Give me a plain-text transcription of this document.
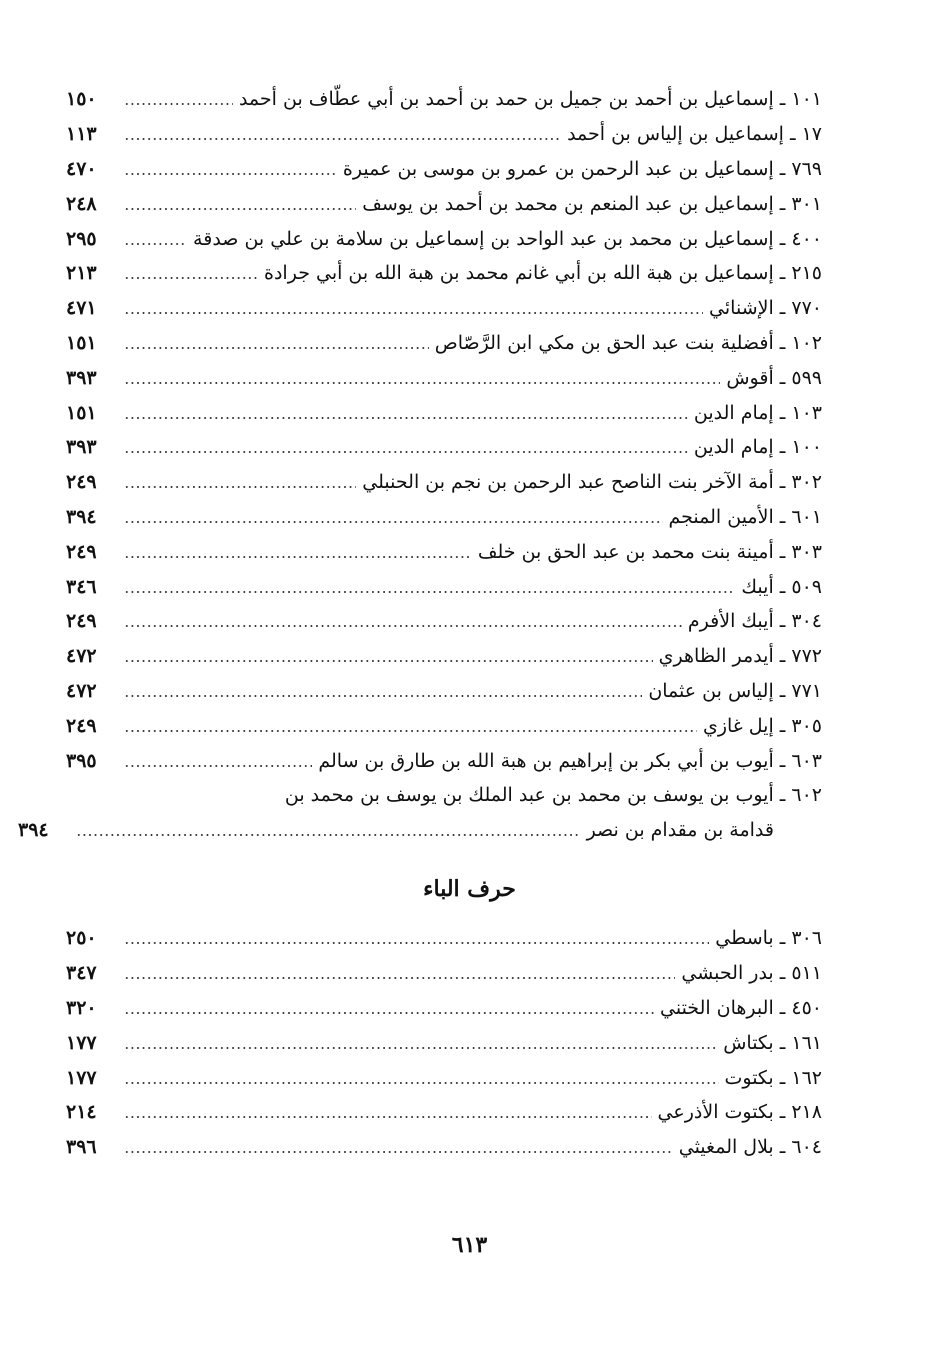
١٠١ ـ إسماعيل بن أحمد بن جميل بن حمد بن أحمد بن أبي عطّاف بن أحمد
١٥٠
١٧ ـ إسماعيل بن إلياس بن أحمد
١١٣
٧٦٩ ـ إسماعيل بن عبد الرحمن بن عمرو بن موسى بن عميرة
٤٧٠
٣٠١ ـ إسماعيل بن عبد المنعم بن محمد بن أحمد بن يوسف
٢٤٨
٤٠٠ ـ إسماعيل بن محمد بن عبد الواحد بن إسماعيل بن سلامة بن علي بن صدقة
٢٩٥
٢١٥ ـ إسماعيل بن هبة الله بن أبي غانم محمد بن هبة الله بن أبي جرادة
٢١٣
٧٧٠ ـ الإشنائي
٤٧١
١٠٢ ـ أفضلية بنت عبد الحق بن مكي ابن الرَّصّاص
١٥١
٥٩٩ ـ أقوش
٣٩٣
١٠٣ ـ إمام الدين
١٥١
١٠٠ ـ إمام الدين
٣٩٣
٣٠٢ ـ أمة الآخر بنت الناصح عبد الرحمن بن نجم بن الحنبلي
٢٤٩
٦٠١ ـ الأمين المنجم
٣٩٤
٣٠٣ ـ أمينة بنت محمد بن عبد الحق بن خلف
٢٤٩
٥٠٩ ـ أيبك
٣٤٦
٣٠٤ ـ أيبك الأفرم
٢٤٩
٧٧٢ ـ أيدمر الظاهري
٤٧٢
٧٧١ ـ إلياس بن عثمان
٤٧٢
٣٠٥ ـ إيل غازي
٢٤٩
٦٠٣ ـ أيوب بن أبي بكر بن إبراهيم بن هبة الله بن طارق بن سالم
٣٩٥
٦٠٢ ـ أيوب بن يوسف بن محمد بن عبد الملك بن يوسف بن محمد بن
قدامة بن مقدام بن نصر
٣٩٤
حرف الباء
٣٠٦ ـ باسطي
٢٥٠
٥١١ ـ بدر الحبشي
٣٤٧
٤٥٠ ـ البرهان الختني
٣٢٠
١٦١ ـ بكتاش
١٧٧
١٦٢ ـ بكتوت
١٧٧
٢١٨ ـ بكتوت الأذرعي
٢١٤
٦٠٤ ـ بلال المغيثي
٣٩٦
٦١٣
